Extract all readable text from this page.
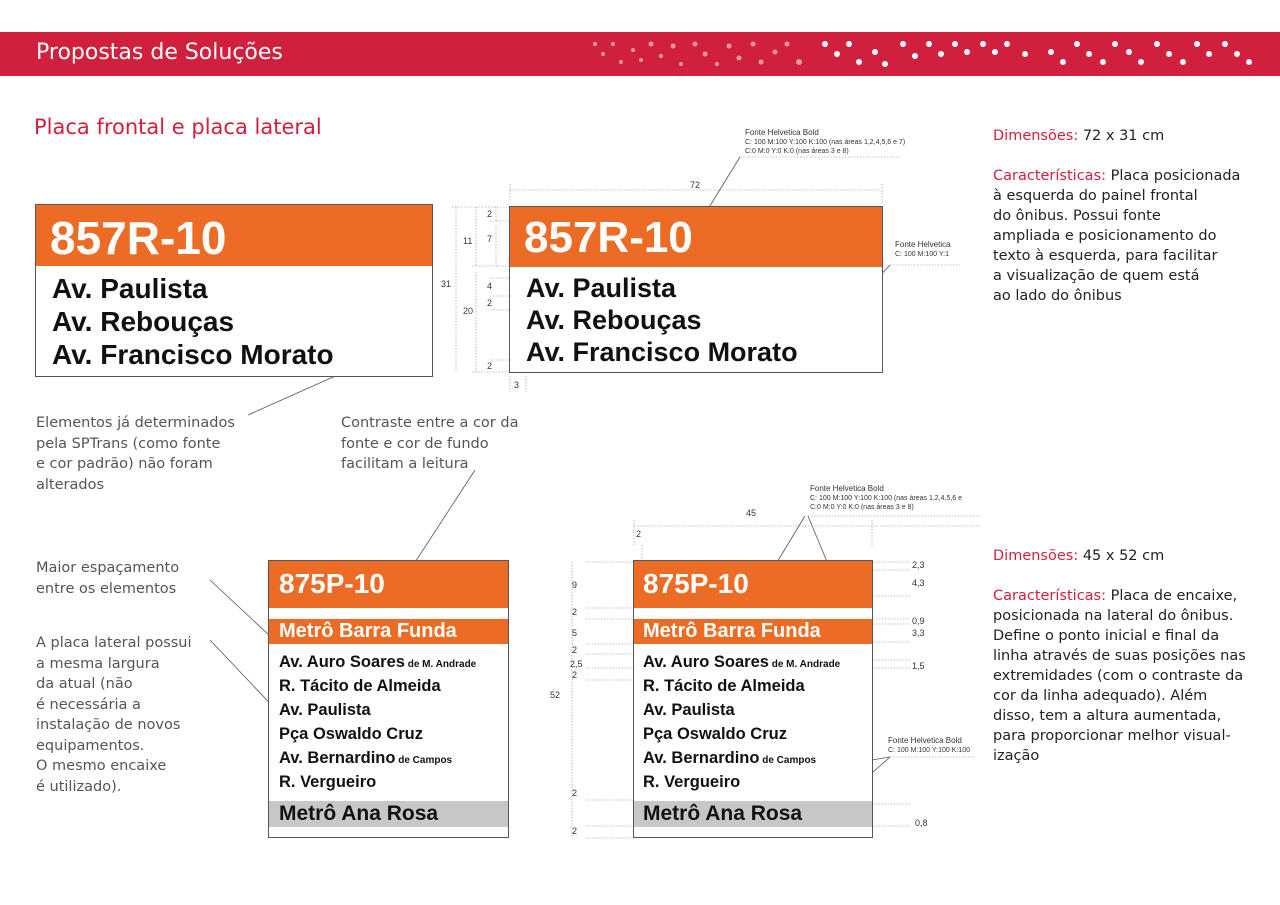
Propostas de Soluções
Placa frontal e placa lateral
857R-10
Av. Paulista
Av. Rebouças
Av. Francisco Morato
857R-10
Av. Paulista
Av. Rebouças
Av. Francisco Morato
Fonte Helvetica Bold
C: 100 M:100 Y:100 K:100 (nas áreas 1,2,4,5,6 e 7)
C:0 M:0 Y:0 K:0 (nas áreas 3 e 8)
Fonte Helvetica
C: 100 M:100 Y:1
72
31
11
2
7
4
2
20
2
3
Dimensões: 72 x 31 cm
Características: Placa posicionada
à esquerda do painel frontal
do ônibus. Possui fonte
ampliada e posicionamento do
texto à esquerda, para facilitar
a visualização de quem está
ao lado do ônibus
Elementos já determinados
pela SPTrans (como fonte
e cor padrão) não foram
alterados
Contraste entre a cor da
fonte e cor de fundo
facilitam a leitura
Maior espaçamento
entre os elementos
A placa lateral possui
a mesma largura
da atual (não
é necessária a
instalação de novos
equipamentos.
O mesmo encaixe
é utilizado).
875P-10
Metrô Barra Funda
Av. Auro Soares de M. Andrade
R. Tácito de Almeida
Av. Paulista
Pça Oswaldo Cruz
Av. Bernardino de Campos
R. Vergueiro
Metrô Ana Rosa
875P-10
Metrô Barra Funda
Av. Auro Soares de M. Andrade
R. Tácito de Almeida
Av. Paulista
Pça Oswaldo Cruz
Av. Bernardino de Campos
R. Vergueiro
Metrô Ana Rosa
Fonte Helvetica Bold
C: 100 M:100 Y:100 K:100 (nas áreas 1,2,4,5,6 e
C:0 M:0 Y:0 K:0 (nas áreas 3 e 8)
Fonte Helvetica Bold
C: 100 M:100 Y:100 K:100
45
2
9
2
5
2
2,5
2
52
2
2
2,3
4,3
0,9
3,3
1,5
0,8
Dimensões: 45 x 52 cm
Características: Placa de encaixe,
posicionada na lateral do ônibus.
Define o ponto inicial e final da
linha através de suas posições nas
extremidades (com o contraste da
cor da linha adequado). Além
disso, tem a altura aumentada,
para proporcionar melhor visual-
ização
